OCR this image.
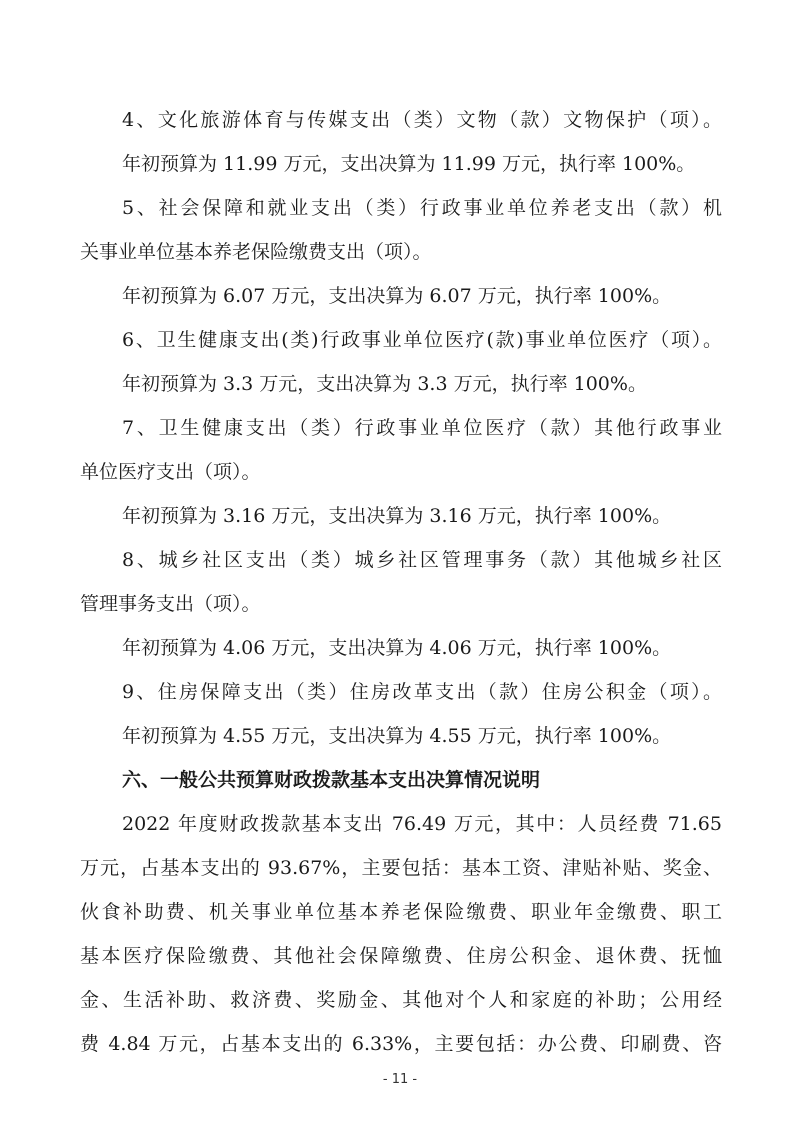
4、文化旅游体育与传媒支出（类）文物（款）文物保护（项）。
年初预算为 11.99 万元，支出决算为 11.99 万元，执行率 100%。
5、社会保障和就业支出（类）行政事业单位养老支出（款）机
关事业单位基本养老保险缴费支出（项）。
年初预算为 6.07 万元，支出决算为 6.07 万元，执行率 100%。
6、卫生健康支出(类)行政事业单位医疗(款)事业单位医疗（项）。
年初预算为 3.3 万元，支出决算为 3.3 万元，执行率 100%。
7、卫生健康支出（类）行政事业单位医疗（款）其他行政事业
单位医疗支出（项）。
年初预算为 3.16 万元，支出决算为 3.16 万元，执行率 100%。
8、城乡社区支出（类）城乡社区管理事务（款）其他城乡社区
管理事务支出（项）。
年初预算为 4.06 万元，支出决算为 4.06 万元，执行率 100%。
9、住房保障支出（类）住房改革支出（款）住房公积金（项）。
年初预算为 4.55 万元，支出决算为 4.55 万元，执行率 100%。
六、一般公共预算财政拨款基本支出决算情况说明
2022 年度财政拨款基本支出 76.49 万元，其中：人员经费 71.65
万元，占基本支出的 93.67%，主要包括：基本工资、津贴补贴、奖金、
伙食补助费、机关事业单位基本养老保险缴费、职业年金缴费、职工
基本医疗保险缴费、其他社会保障缴费、住房公积金、退休费、抚恤
金、生活补助、救济费、奖励金、其他对个人和家庭的补助；公用经
费 4.84 万元，占基本支出的 6.33%，主要包括：办公费、印刷费、咨
- 11 -
